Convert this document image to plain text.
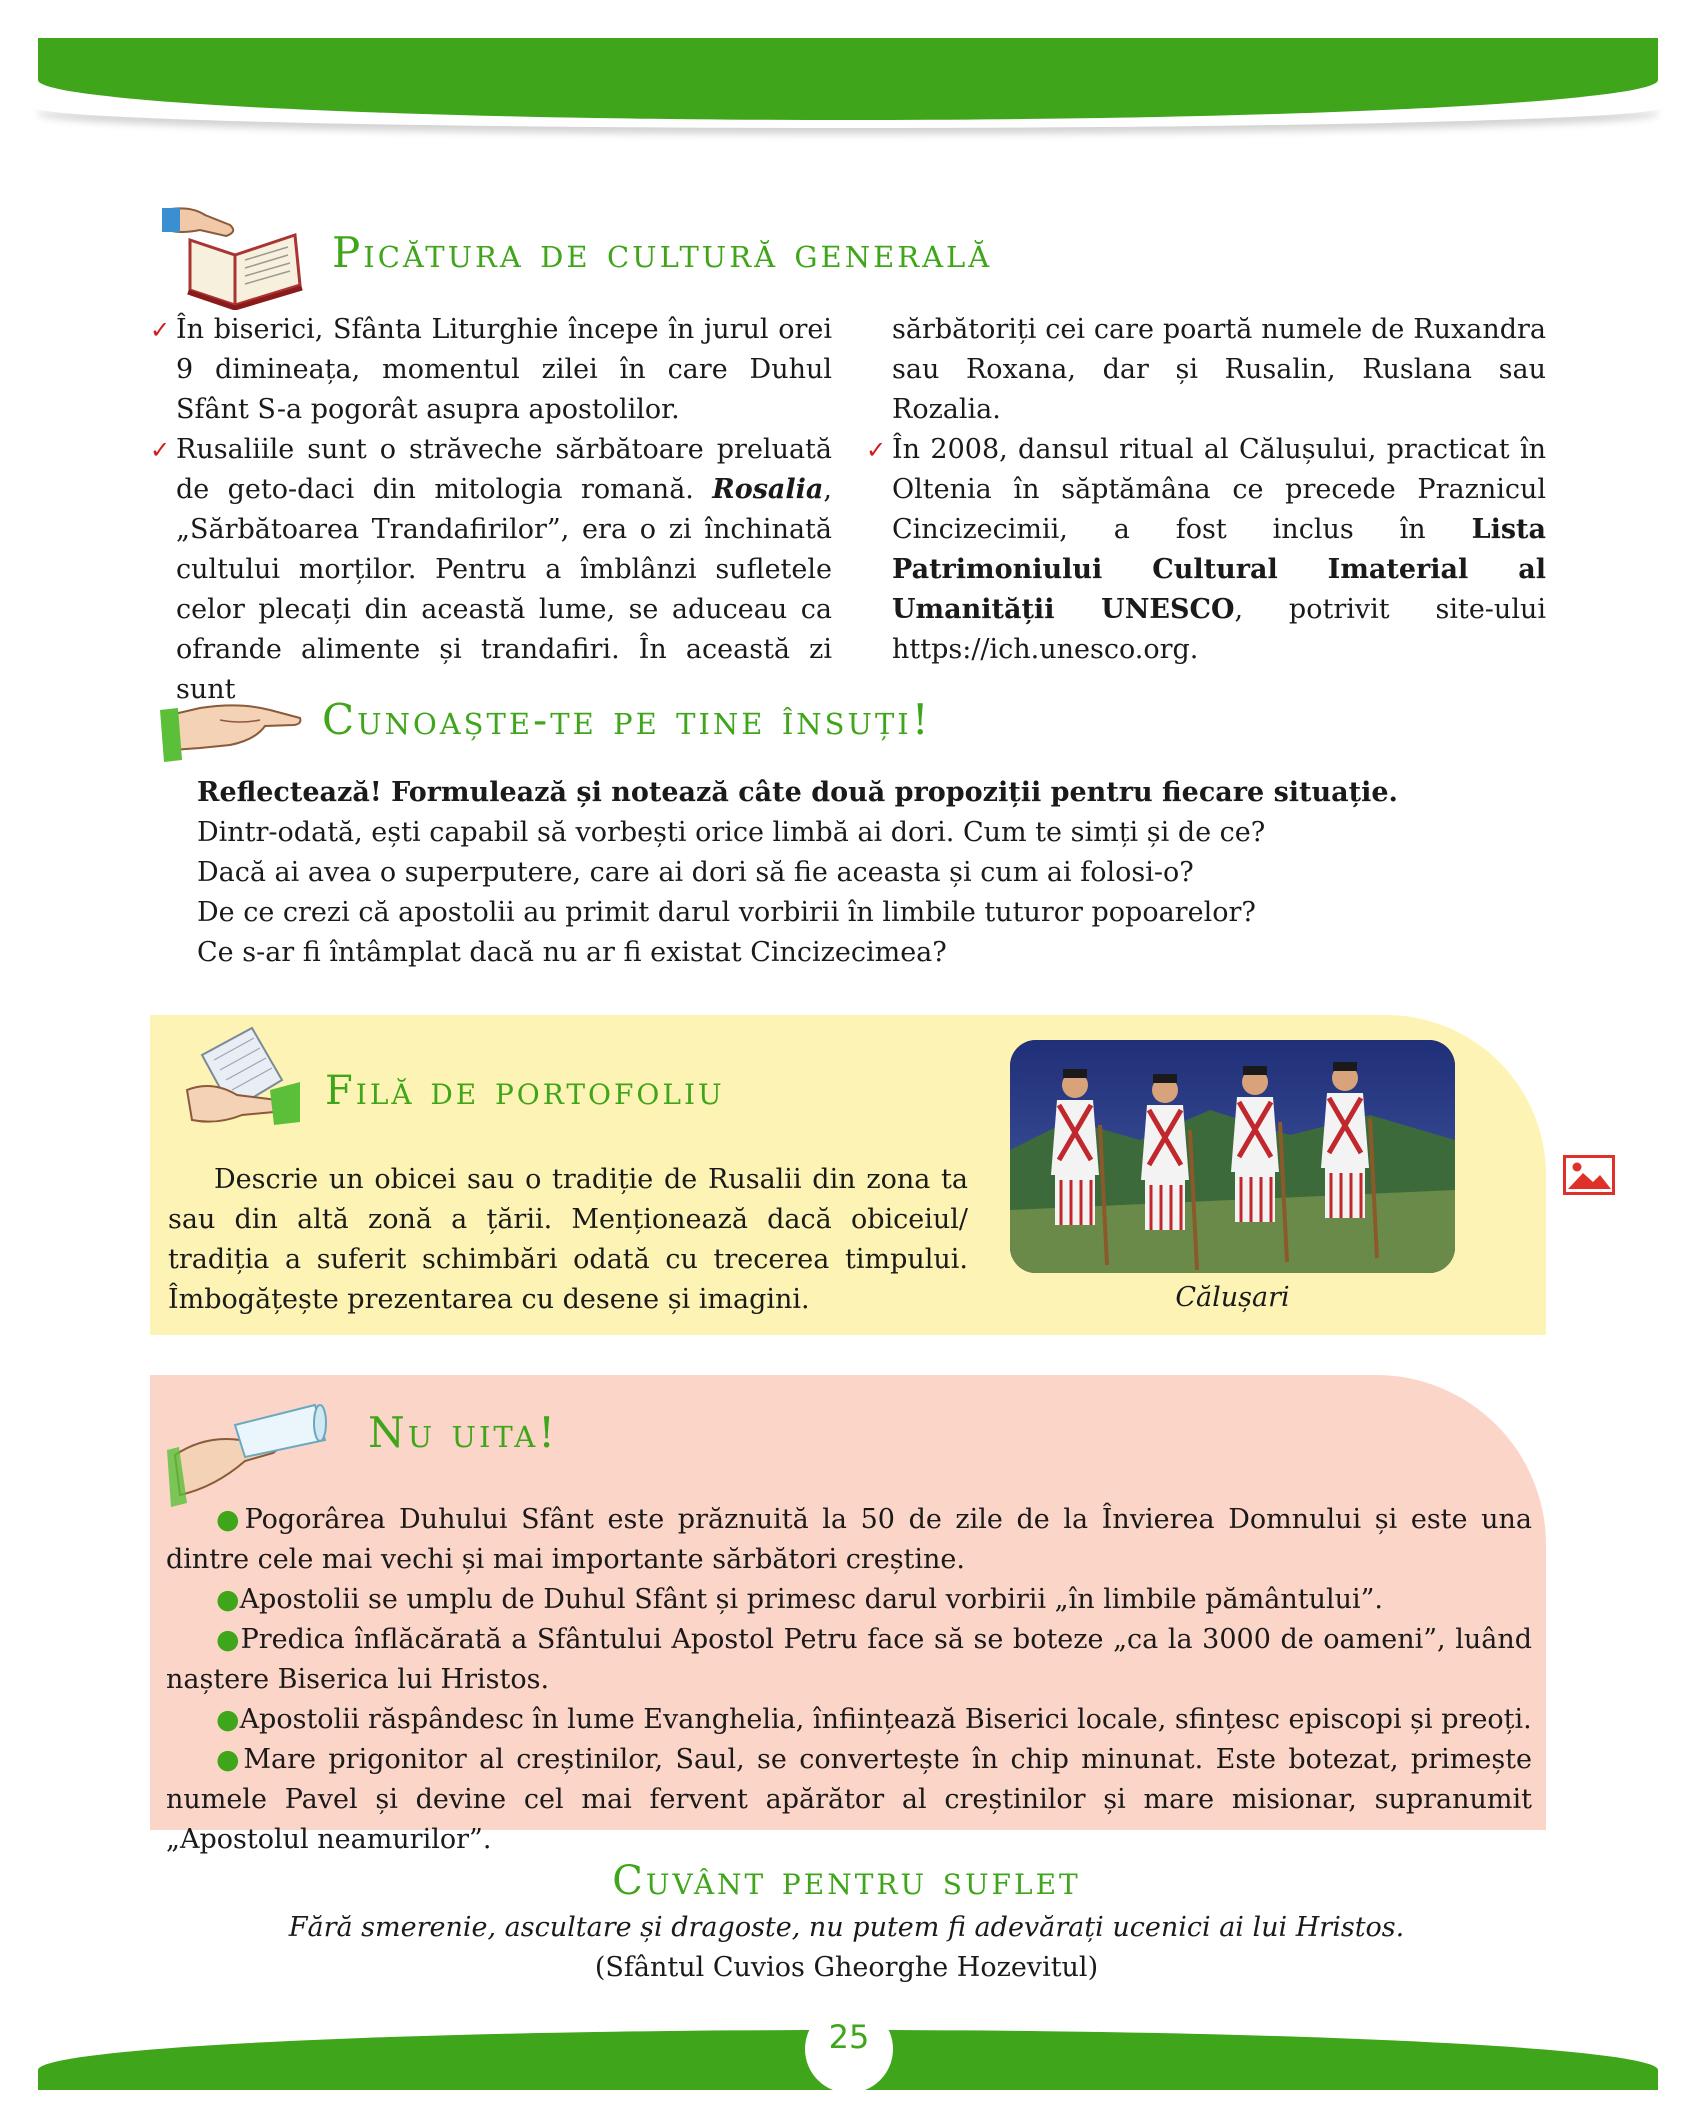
25
Picătura de cultură generală

✓ În biserici, Sfânta Liturghie începe în jurul orei 9 dimineața, momentul zilei în care Duhul Sfânt S-a pogorât asupra apostolilor.

✓ Rusaliile sunt o străveche sărbătoare preluată de geto-daci din mitologia romană. Rosalia, „Sărbătoarea Trandafirilor”, era o zi închinată cultului morților. Pentru a îmblânzi sufletele celor plecați din această lume, se aduceau ca ofrande alimente și trandafiri. În această zi sunt

sărbătoriți cei care poartă numele de Ruxandra sau Roxana, dar și Rusalin, Ruslana sau Rozalia.

✓ În 2008, dansul ritual al Călușului, practicat în Oltenia în săptămâna ce precede Praznicul Cincizecimii, a fost inclus în Lista Patrimoniului Cultural Imaterial al Umanității UNESCO, potrivit site-ului https://ich.unesco.org.

Cunoaște-te pe tine însuți!

Reflectează! Formulează și notează câte două propoziții pentru fiecare situație.

Dintr-odată, ești capabil să vorbești orice limbă ai dori. Cum te simți și de ce?

Dacă ai avea o superputere, care ai dori să fie aceasta și cum ai folosi-o?

De ce crezi că apostolii au primit darul vorbirii în limbile tuturor popoarelor?

Ce s-ar fi întâmplat dacă nu ar fi existat Cincizecimea?

Filă de portofoliu

Descrie un obicei sau o tradiție de Rusalii din zona ta sau din altă zonă a țării. Menționează dacă obiceiul/ tradiția a suferit schimbări odată cu trecerea timpului. Îmbogățește prezentarea cu desene și imagini.	Călușari
Nu uita!

●Pogorârea Duhului Sfânt este prăznuită la 50 de zile de la Învierea Domnului și este una dintre cele mai vechi și mai importante sărbători creștine.

●Apostolii se umplu de Duhul Sfânt și primesc darul vorbirii „în limbile pământului”.

●Predica înflăcărată a Sfântului Apostol Petru face să se boteze „ca la 3000 de oameni”, luând naștere Biserica lui Hristos.

●Apostolii răspândesc în lume Evanghelia, înființează Biserici locale, sfințesc episcopi și preoți.

●Mare prigonitor al creștinilor, Saul, se convertește în chip minunat. Este botezat, primește numele Pavel și devine cel mai fervent apărător al creștinilor și mare misionar, supranumit „Apostolul neamurilor”.

Cuvânt pentru suflet
Fără smerenie, ascultare și dragoste, nu putem fi adevărați ucenici ai lui Hristos.
(Sfântul Cuvios Gheorghe Hozevitul)
